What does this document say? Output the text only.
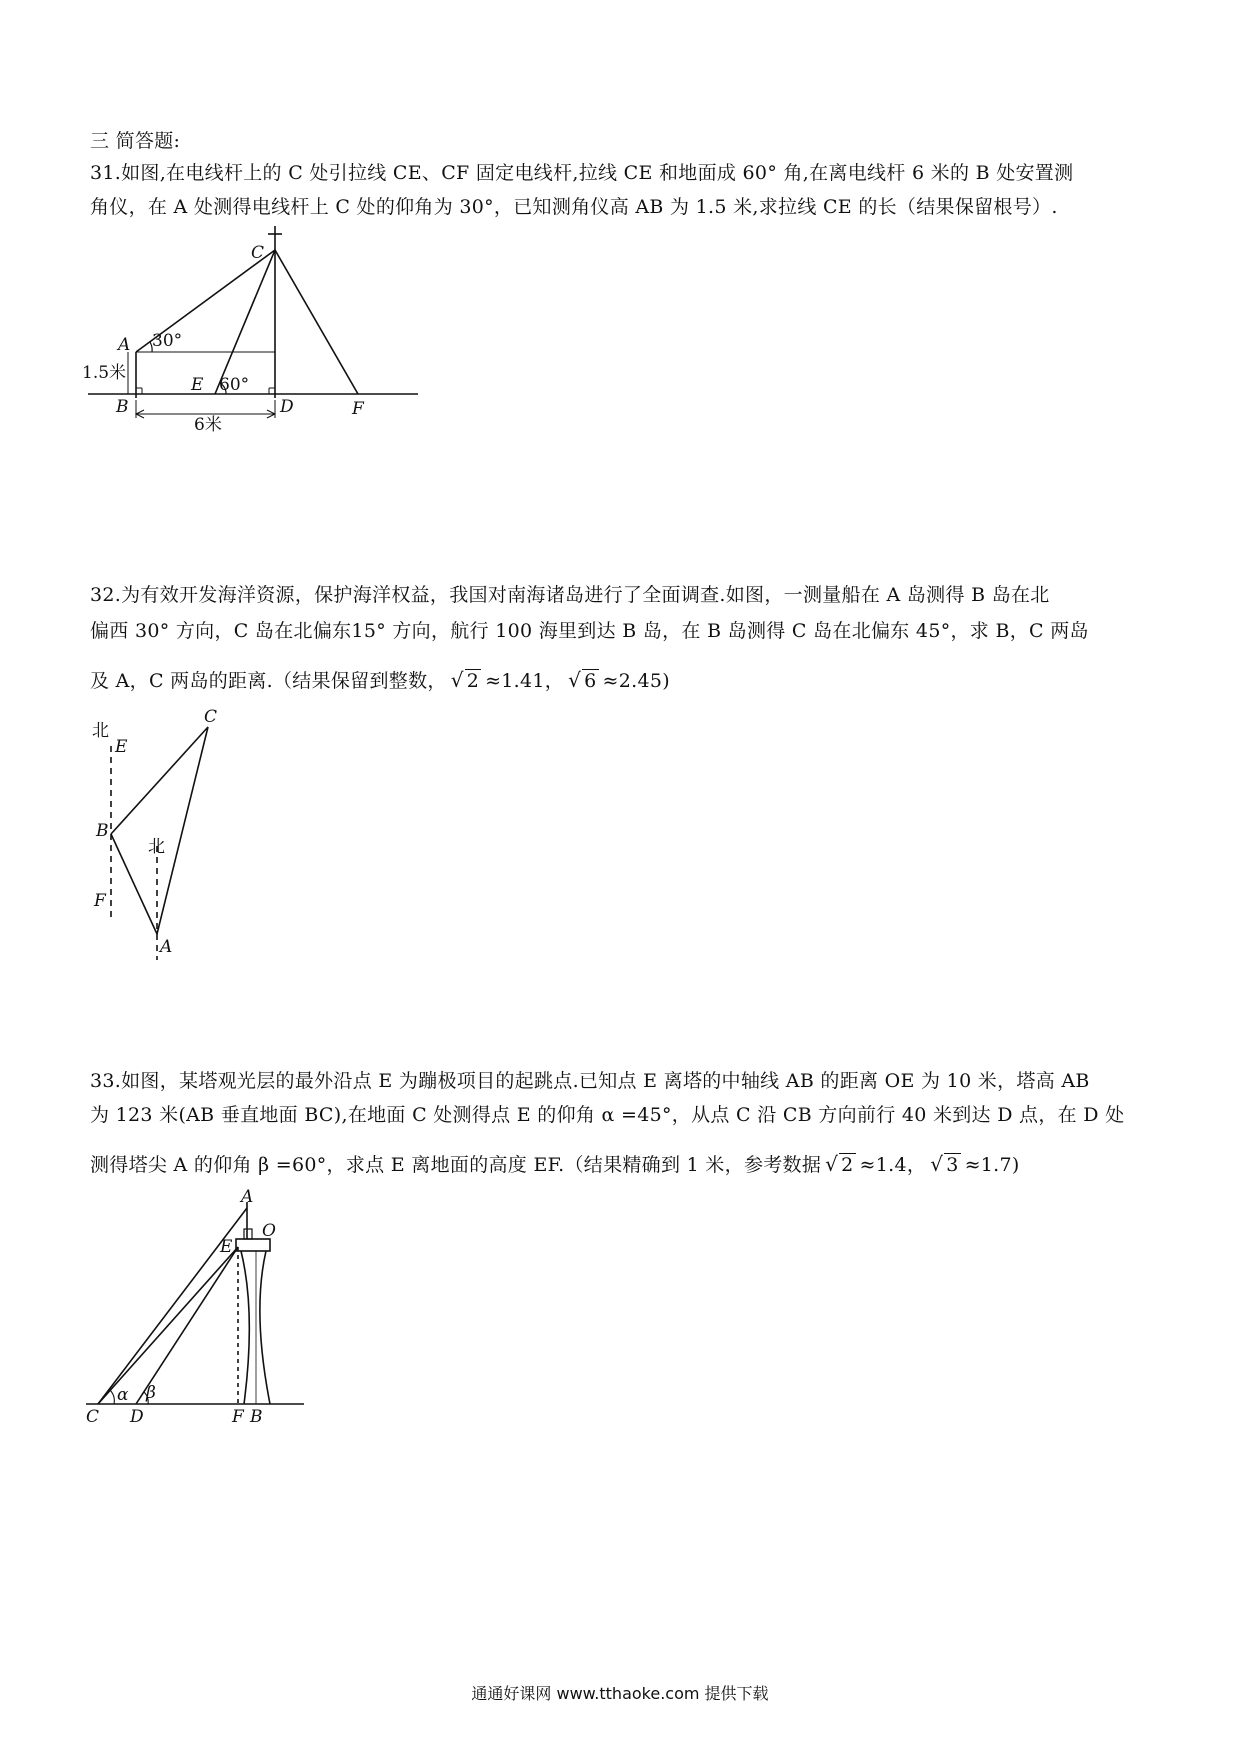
三 简答题:
31.如图,在电线杆上的 C 处引拉线 CE、CF 固定电线杆,拉线 CE 和地面成 60° 角,在离电线杆 6 米的 B 处安置测
角仪，在 A 处测得电线杆上 C 处的仰角为 30°，已知测角仪高 AB 为 1.5 米,求拉线 CE 的长（结果保留根号）.
C
A 30°
1.5米
E 60°
B	D	F
6米
32.为有效开发海洋资源，保护海洋权益，我国对南海诸岛进行了全面调查.如图，一测量船在 A 岛测得 B 岛在北
偏西 30° 方向，C 岛在北偏东15° 方向，航行 100 海里到达 B 岛，在 B 岛测得 C 岛在北偏东 45°，求 B，C 两岛
及 A，C 两岛的距离.（结果保留到整数， √ 2 ≈1.41， √ 6 ≈2.45)
北
E
C
B
北
F
A
33.如图，某塔观光层的最外沿点 E 为蹦极项目的起跳点.已知点 E 离塔的中轴线 AB 的距离 OE 为 10 米，塔高 AB
为 123 米(AB 垂直地面 BC),在地面 C 处测得点 E 的仰角 α =45°，从点 C 沿 CB 方向前行 40 米到达 D 点，在 D 处
测得塔尖 A 的仰角 β =60°，求点 E 离地面的高度 EF.（结果精确到 1 米，参考数据 √ 2 ≈1.4， √ 3 ≈1.7)
A
E
O
α β
C D	F B
通通好课网 www.tthaoke.com 提供下载
